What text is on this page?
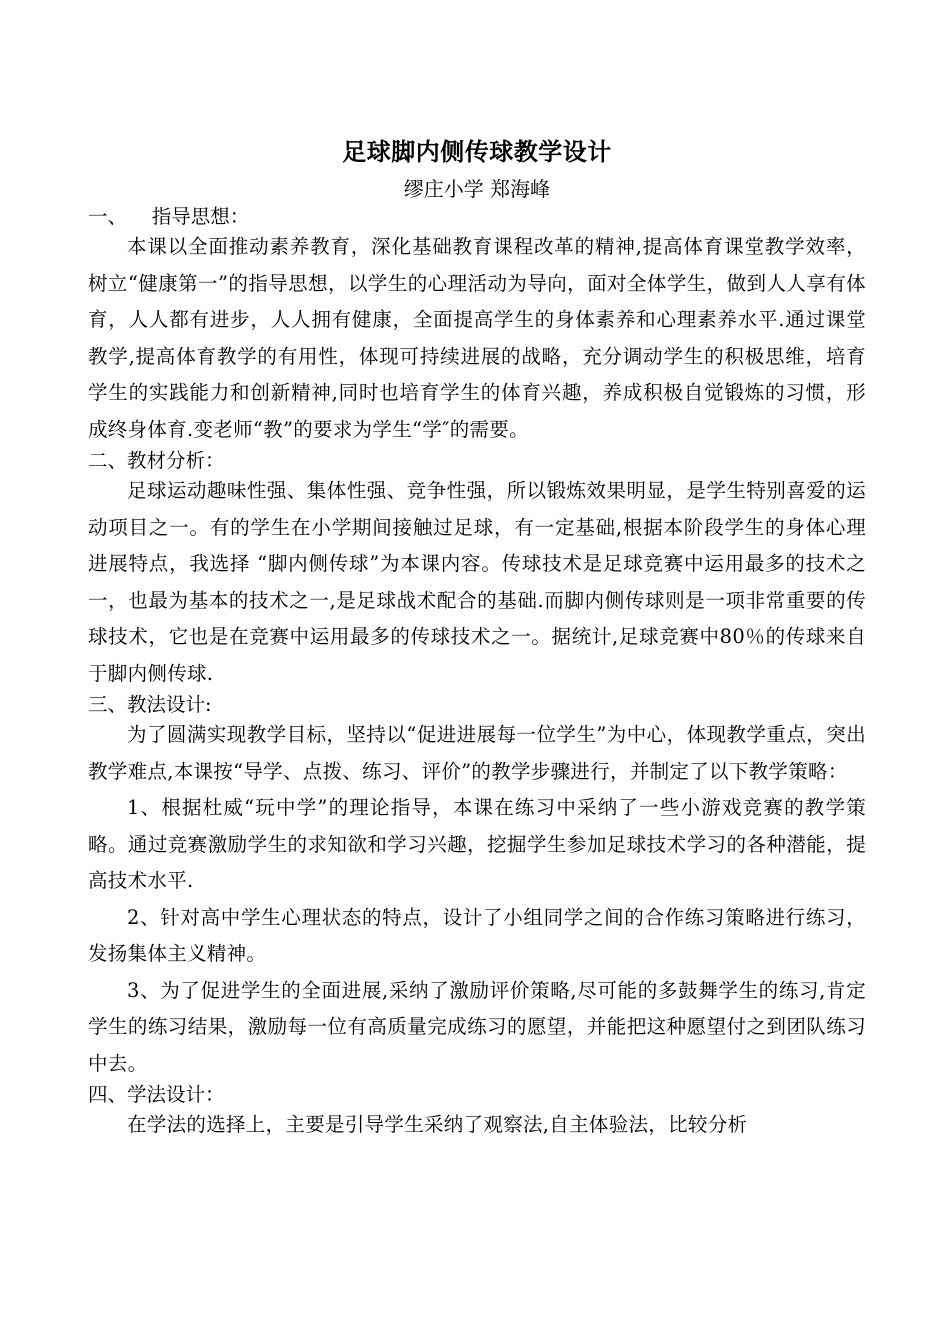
足球脚内侧传球教学设计
缪庄小学 郑海峰
一、    指导思想：

本课以全面推动素养教育，深化基础教育课程改革的精神,提高体育课堂教学效率，树立“健康第一”的指导思想，以学生的心理活动为导向，面对全体学生，做到人人享有体育，人人都有进步，人人拥有健康，全面提高学生的身体素养和心理素养水平.通过课堂教学,提高体育教学的有用性，体现可持续进展的战略，充分调动学生的积极思维，培育学生的实践能力和创新精神,同时也培育学生的体育兴趣，养成积极自觉锻炼的习惯，形成终身体育.变老师“教”的要求为学生“学″的需要。

二、教材分析：

足球运动趣味性强、集体性强、竞争性强，所以锻炼效果明显，是学生特别喜爱的运动项目之一。有的学生在小学期间接触过足球，有一定基础,根据本阶段学生的身体心理进展特点，我选择 “脚内侧传球”为本课内容。传球技术是足球竞赛中运用最多的技术之一，也最为基本的技术之一,是足球战术配合的基础.而脚内侧传球则是一项非常重要的传球技术，它也是在竞赛中运用最多的传球技术之一。据统计,足球竞赛中80％的传球来自于脚内侧传球.

三、教法设计:

为了圆满实现教学目标，坚持以“促进进展每一位学生”为中心，体现教学重点，突出教学难点,本课按“导学、点拨、练习、评价”的教学步骤进行，并制定了以下教学策略：

1、根据杜威“玩中学”的理论指导，本课在练习中采纳了一些小游戏竞赛的教学策略。通过竞赛激励学生的求知欲和学习兴趣，挖掘学生参加足球技术学习的各种潜能，提高技术水平.

2、针对高中学生心理状态的特点，设计了小组同学之间的合作练习策略进行练习，发扬集体主义精神。

3、为了促进学生的全面进展,采纳了激励评价策略,尽可能的多鼓舞学生的练习,肯定学生的练习结果，激励每一位有高质量完成练习的愿望，并能把这种愿望付之到团队练习中去。

四、学法设计：

在学法的选择上，主要是引导学生采纳了观察法,自主体验法，比较分析
